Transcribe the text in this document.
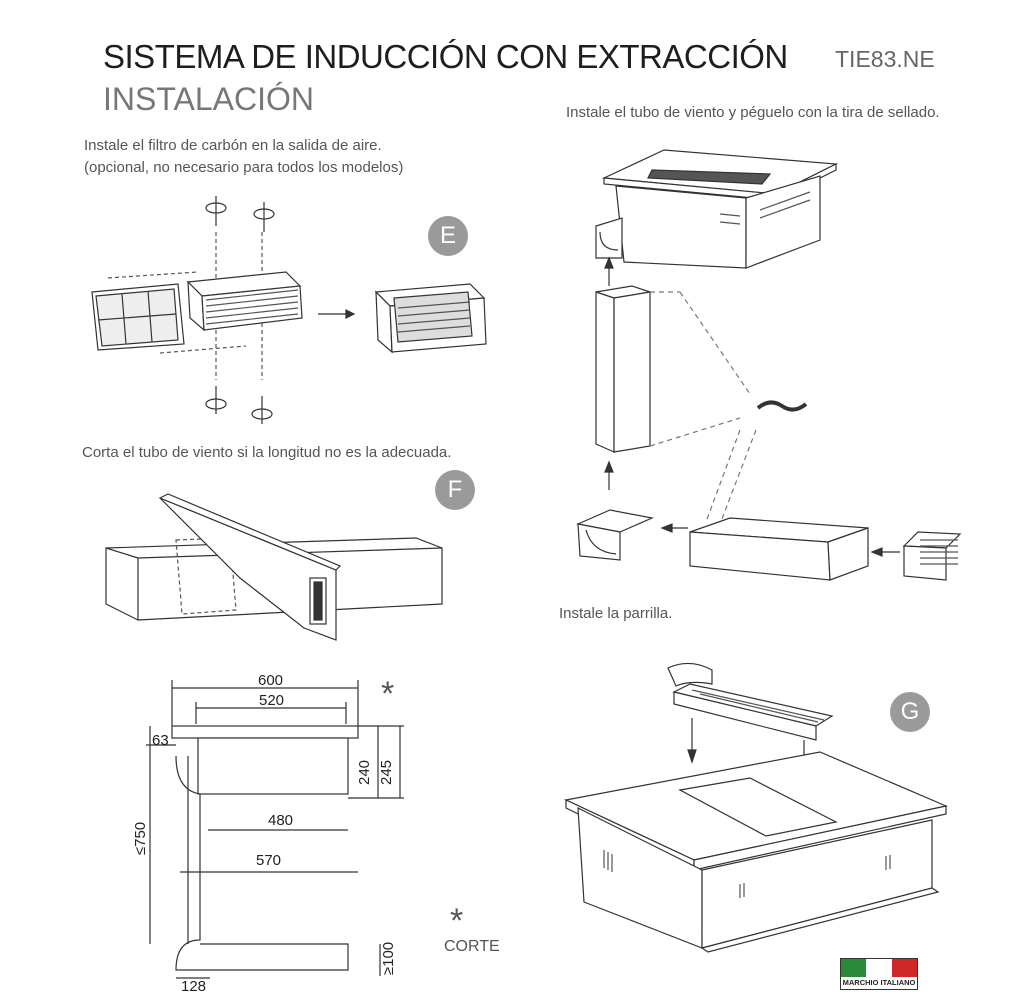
SISTEMA DE INDUCCIÓN CON EXTRACCIÓN
INSTALACIÓN
TIE83.NE
Instale el filtro de carbón en la salida de aire.
(opcional, no necesario para todos los modelos)
Corta el tubo de viento si la longitud no es la adecuada.
Instale el tubo de viento y péguelo con la tira de sellado.
Instale la parrilla.
E
F
G
600
520
63
240 245
480
≤750
570
≥100
128
*
*
CORTE
MARCHIO ITALIANO
